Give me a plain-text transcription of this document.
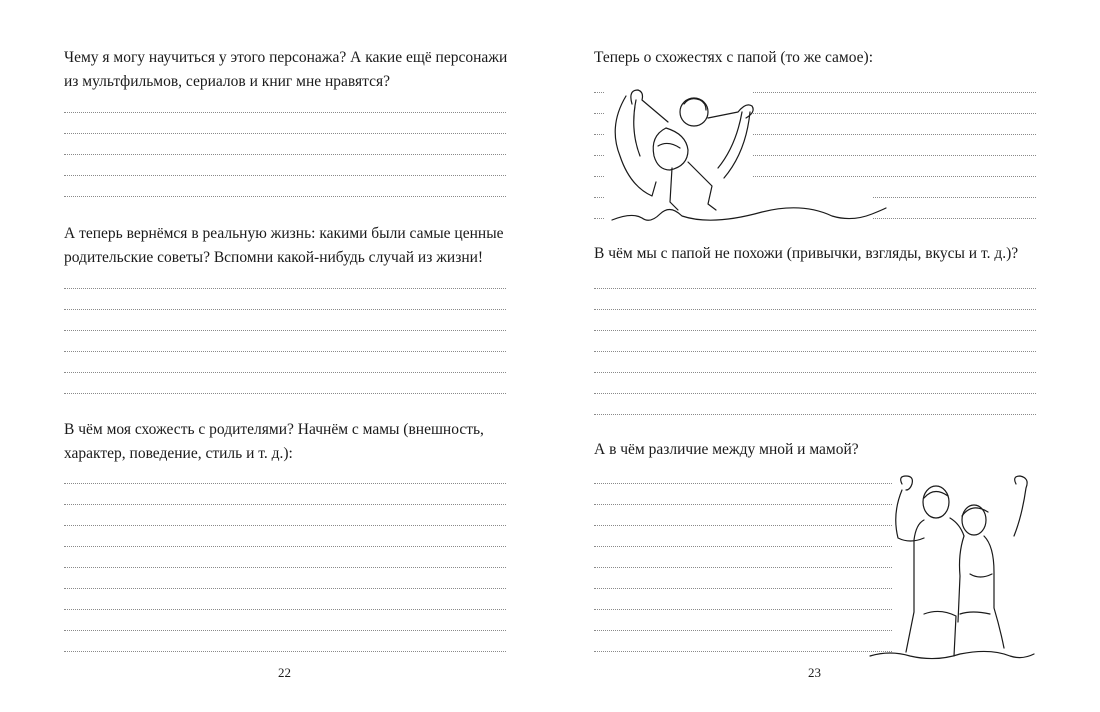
Чему я могу научиться у этого персонажа? А какие ещё персонажи из мультфильмов, сериалов и книг мне нравятся?

А теперь вернёмся в реальную жизнь: какими были самые ценные родительские советы? Вспомни какой-нибудь случай из жизни!

В чём моя схожесть с родителями? Начнём с мамы (внешность, характер, поведение, стиль и т. д.):

22

Теперь о схожестях с папой (то же самое):

В чём мы с папой не похожи (привычки, взгляды, вкусы и т. д.)?

А в чём различие между мной и мамой?

23
